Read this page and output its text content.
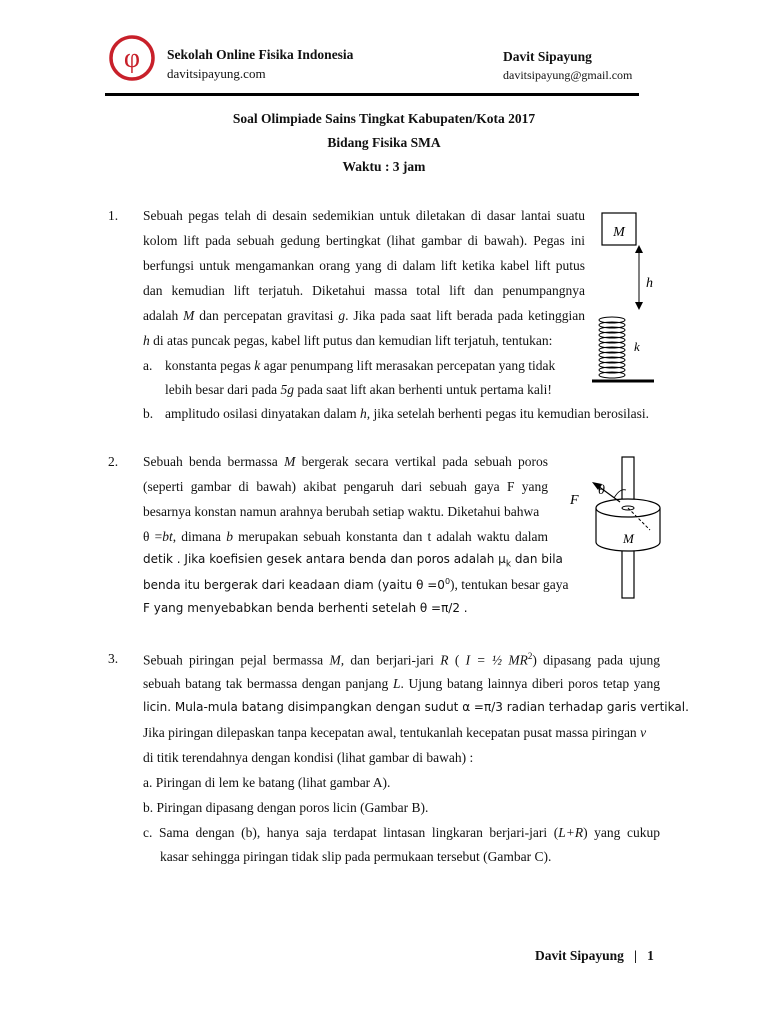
φ Sekolah Online Fisika Indonesia
davitsipayung.com
Davit Sipayung
davitsipayung@gmail.com
Soal Olimpiade Sains Tingkat Kabupaten/Kota 2017
Bidang Fisika SMA
Waktu : 3 jam
1. Sebuah pegas telah di desain sedemikian untuk diletakan di dasar lantai suatu
kolom lift pada sebuah gedung bertingkat (lihat gambar di bawah). Pegas ini
berfungsi untuk mengamankan orang yang di dalam lift ketika kabel lift putus
dan kemudian lift terjatuh. Diketahui massa total lift dan penumpangnya
adalah M dan percepatan gravitasi g. Jika pada saat lift berada pada ketinggian
h di atas puncak pegas, kabel lift putus dan kemudian lift terjatuh, tentukan:
a. konstanta pegas k agar penumpang lift merasakan percepatan yang tidak
lebih besar dari pada 5g pada saat lift akan berhenti untuk pertama kali!
b. amplitudo osilasi dinyatakan dalam h, jika setelah berhenti pegas itu kemudian berosilasi.
M
h
k
2. Sebuah benda bermassa M bergerak secara vertikal pada sebuah poros
(seperti gambar di bawah) akibat pengaruh dari sebuah gaya F yang
besarnya konstan namun arahnya berubah setiap waktu. Diketahui bahwa
θ =bt, dimana b merupakan sebuah konstanta dan t adalah waktu dalam
detik . Jika koefisien gesek antara benda dan poros adalah $\mu_k$ dan bila
benda itu bergerak dari keadaan diam (yaitu $\theta =0^0$), tentukan besar gaya
F yang menyebabkan benda berhenti setelah θ =π/2 .
F
θ
M
3. Sebuah piringan pejal bermassa M, dan berjari-jari R ( I = ½ $MR^2$) dipasang pada ujung
sebuah batang tak bermassa dengan panjang L. Ujung batang lainnya diberi poros tetap yang
licin. Mula-mula batang disimpangkan dengan sudut α =π/3 radian terhadap garis vertikal.
Jika piringan dilepaskan tanpa kecepatan awal, tentukanlah kecepatan pusat massa piringan v
di titik terendahnya dengan kondisi (lihat gambar di bawah) :
a. Piringan di lem ke batang (lihat gambar A).
b. Piringan dipasang dengan poros licin (Gambar B).
c. Sama dengan (b), hanya saja terdapat lintasan lingkaran berjari-jari (L+R) yang cukup
kasar sehingga piringan tidak slip pada permukaan tersebut (Gambar C).
Davit Sipayung | 1
